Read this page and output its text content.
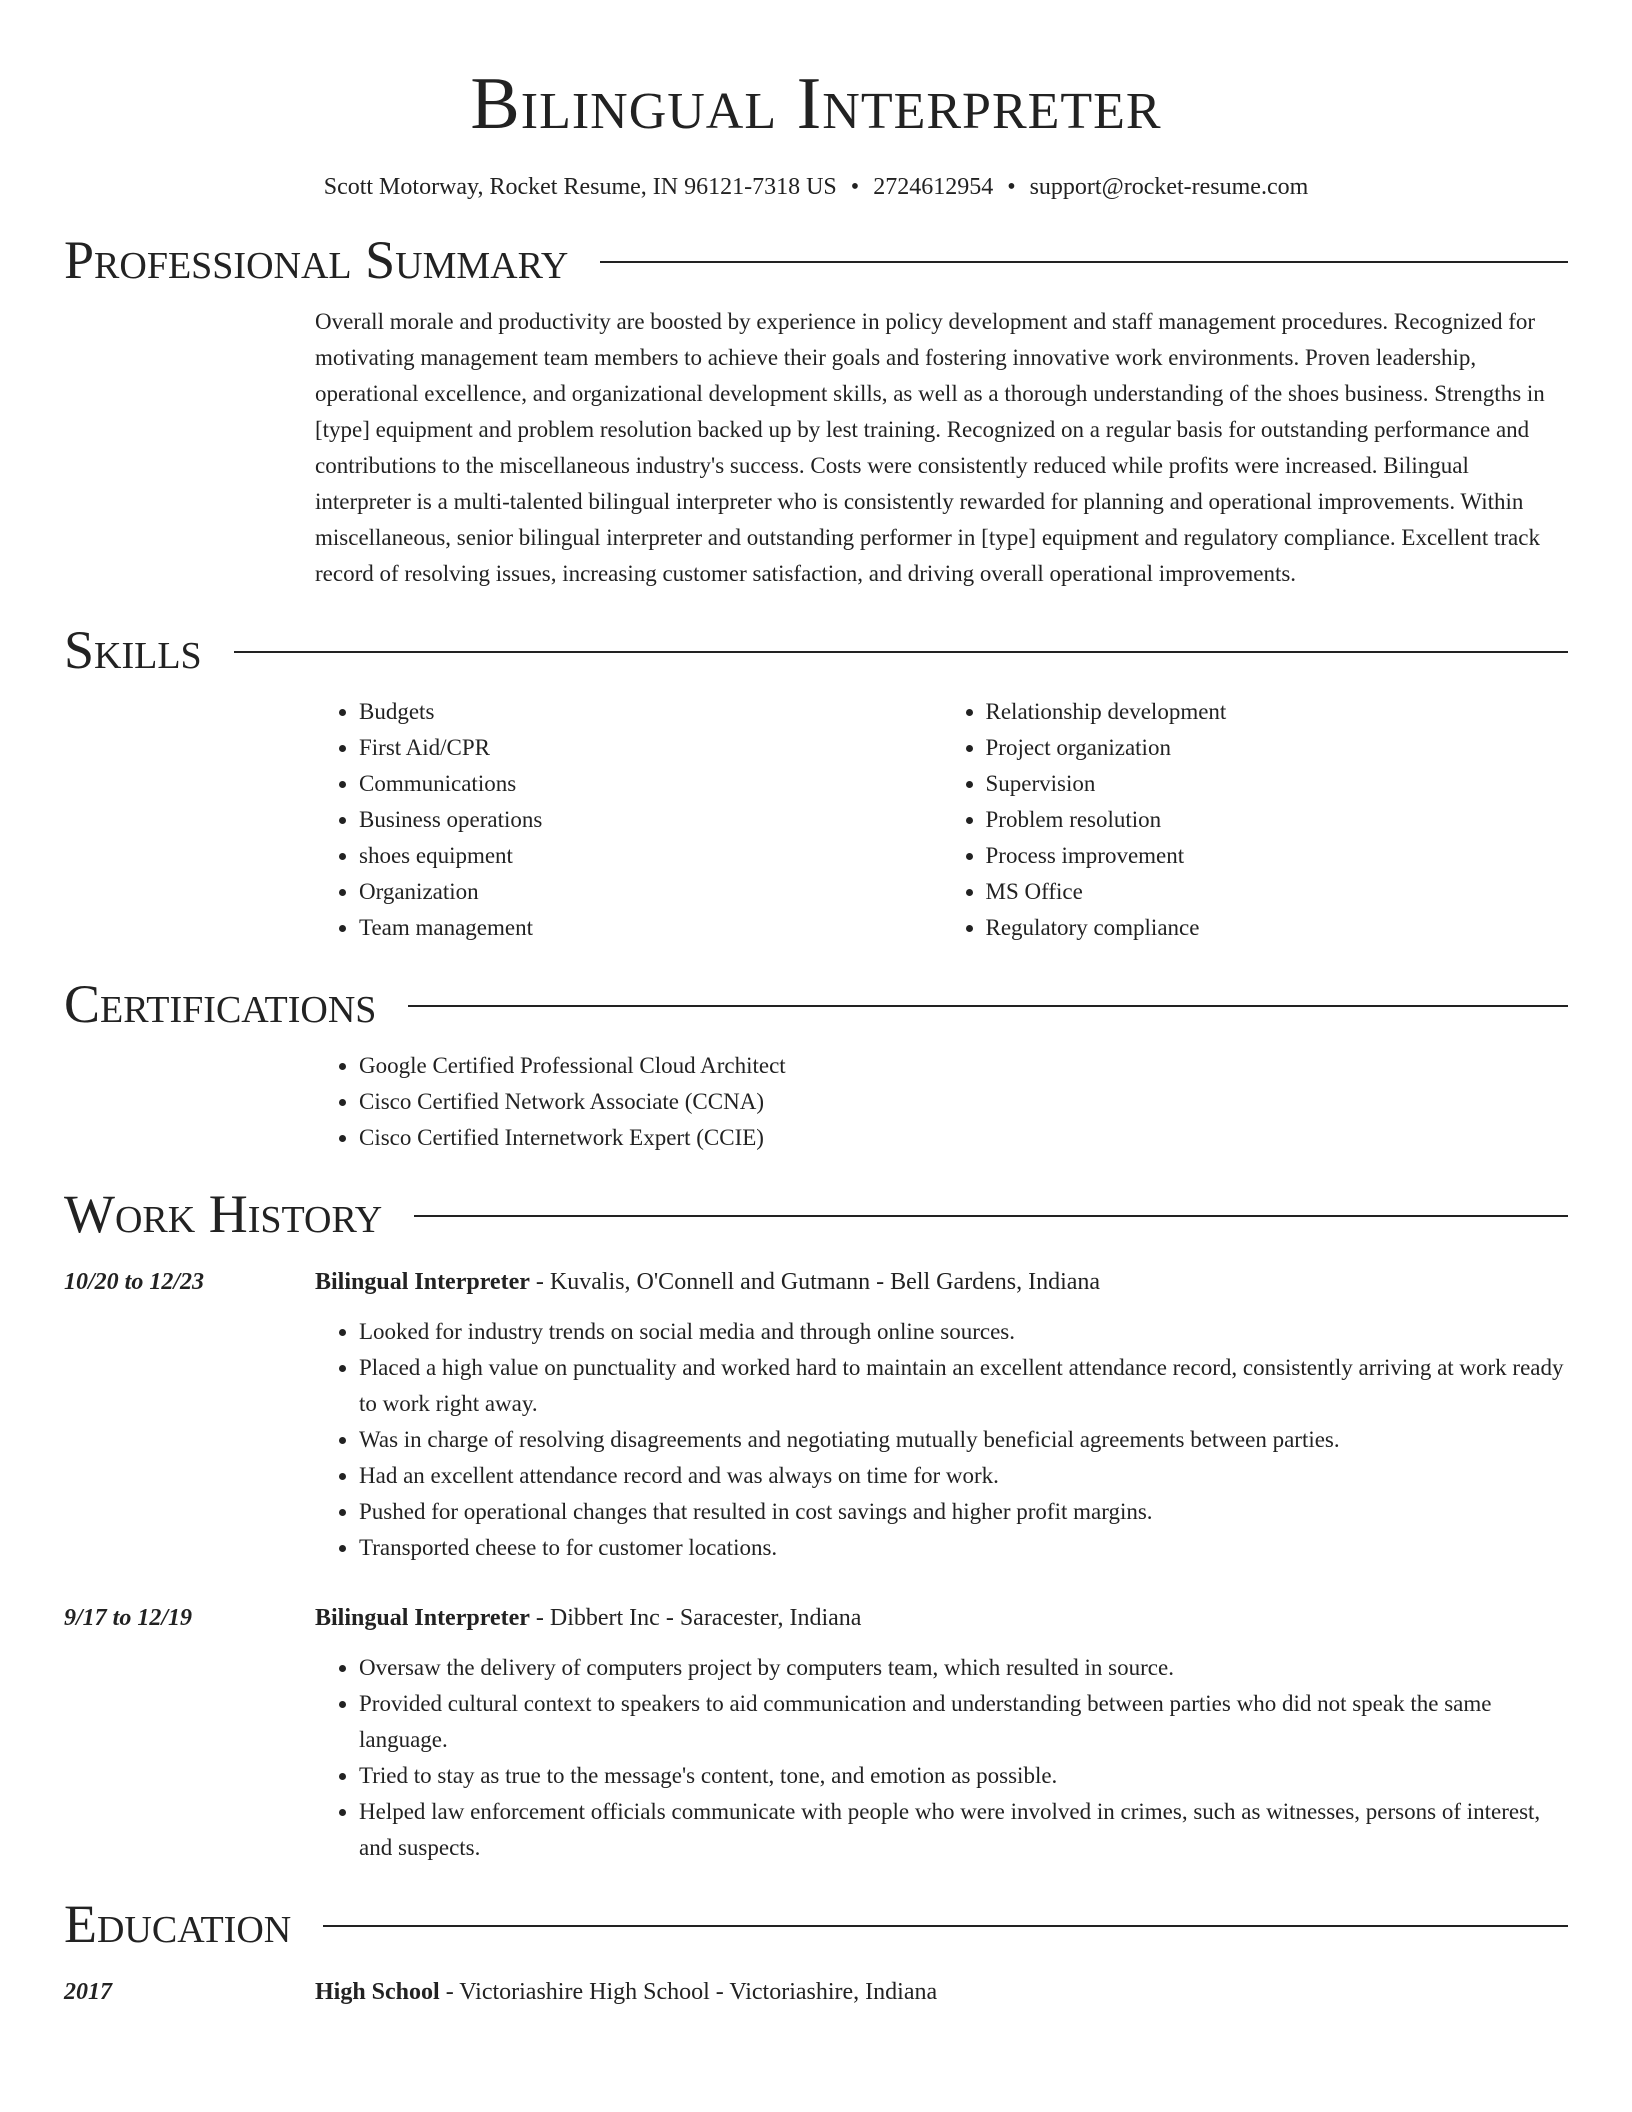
Bilingual Interpreter
Scott Motorway, Rocket Resume, IN 96121-7318 US • 2724612954 • support@rocket-resume.com
Professional Summary

Overall morale and productivity are boosted by experience in policy development and staff management procedures. Recognized for motivating management team members to achieve their goals and fostering innovative work environments. Proven leadership, operational excellence, and organizational development skills, as well as a thorough understanding of the shoes business. Strengths in [type] equipment and problem resolution backed up by lest training. Recognized on a regular basis for outstanding performance and contributions to the miscellaneous industry's success. Costs were consistently reduced while profits were increased. Bilingual interpreter is a multi-talented bilingual interpreter who is consistently rewarded for planning and operational improvements. Within miscellaneous, senior bilingual interpreter and outstanding performer in [type] equipment and regulatory compliance. Excellent track record of resolving issues, increasing customer satisfaction, and driving overall operational improvements.

Skills
• Budgets
• First Aid/CPR
• Communications
• Business operations
• shoes equipment
• Organization
• Team management
• Relationship development
• Project organization
• Supervision
• Problem resolution
• Process improvement
• MS Office
• Regulatory compliance
Certifications
• Google Certified Professional Cloud Architect
• Cisco Certified Network Associate (CCNA)
• Cisco Certified Internetwork Expert (CCIE)
Work History
10/20 to 12/23	Bilingual Interpreter - Kuvalis, O'Connell and Gutmann - Bell Gardens, Indiana
• Looked for industry trends on social media and through online sources.
• Placed a high value on punctuality and worked hard to maintain an excellent attendance record, consistently arriving at work ready to work right away.
• Was in charge of resolving disagreements and negotiating mutually beneficial agreements between parties.
• Had an excellent attendance record and was always on time for work.
• Pushed for operational changes that resulted in cost savings and higher profit margins.
• Transported cheese to for customer locations.
9/17 to 12/19	Bilingual Interpreter - Dibbert Inc - Saracester, Indiana
• Oversaw the delivery of computers project by computers team, which resulted in source.
• Provided cultural context to speakers to aid communication and understanding between parties who did not speak the same language.
• Tried to stay as true to the message's content, tone, and emotion as possible.
• Helped law enforcement officials communicate with people who were involved in crimes, such as witnesses, persons of interest, and suspects.
Education
2017	High School - Victoriashire High School - Victoriashire, Indiana
